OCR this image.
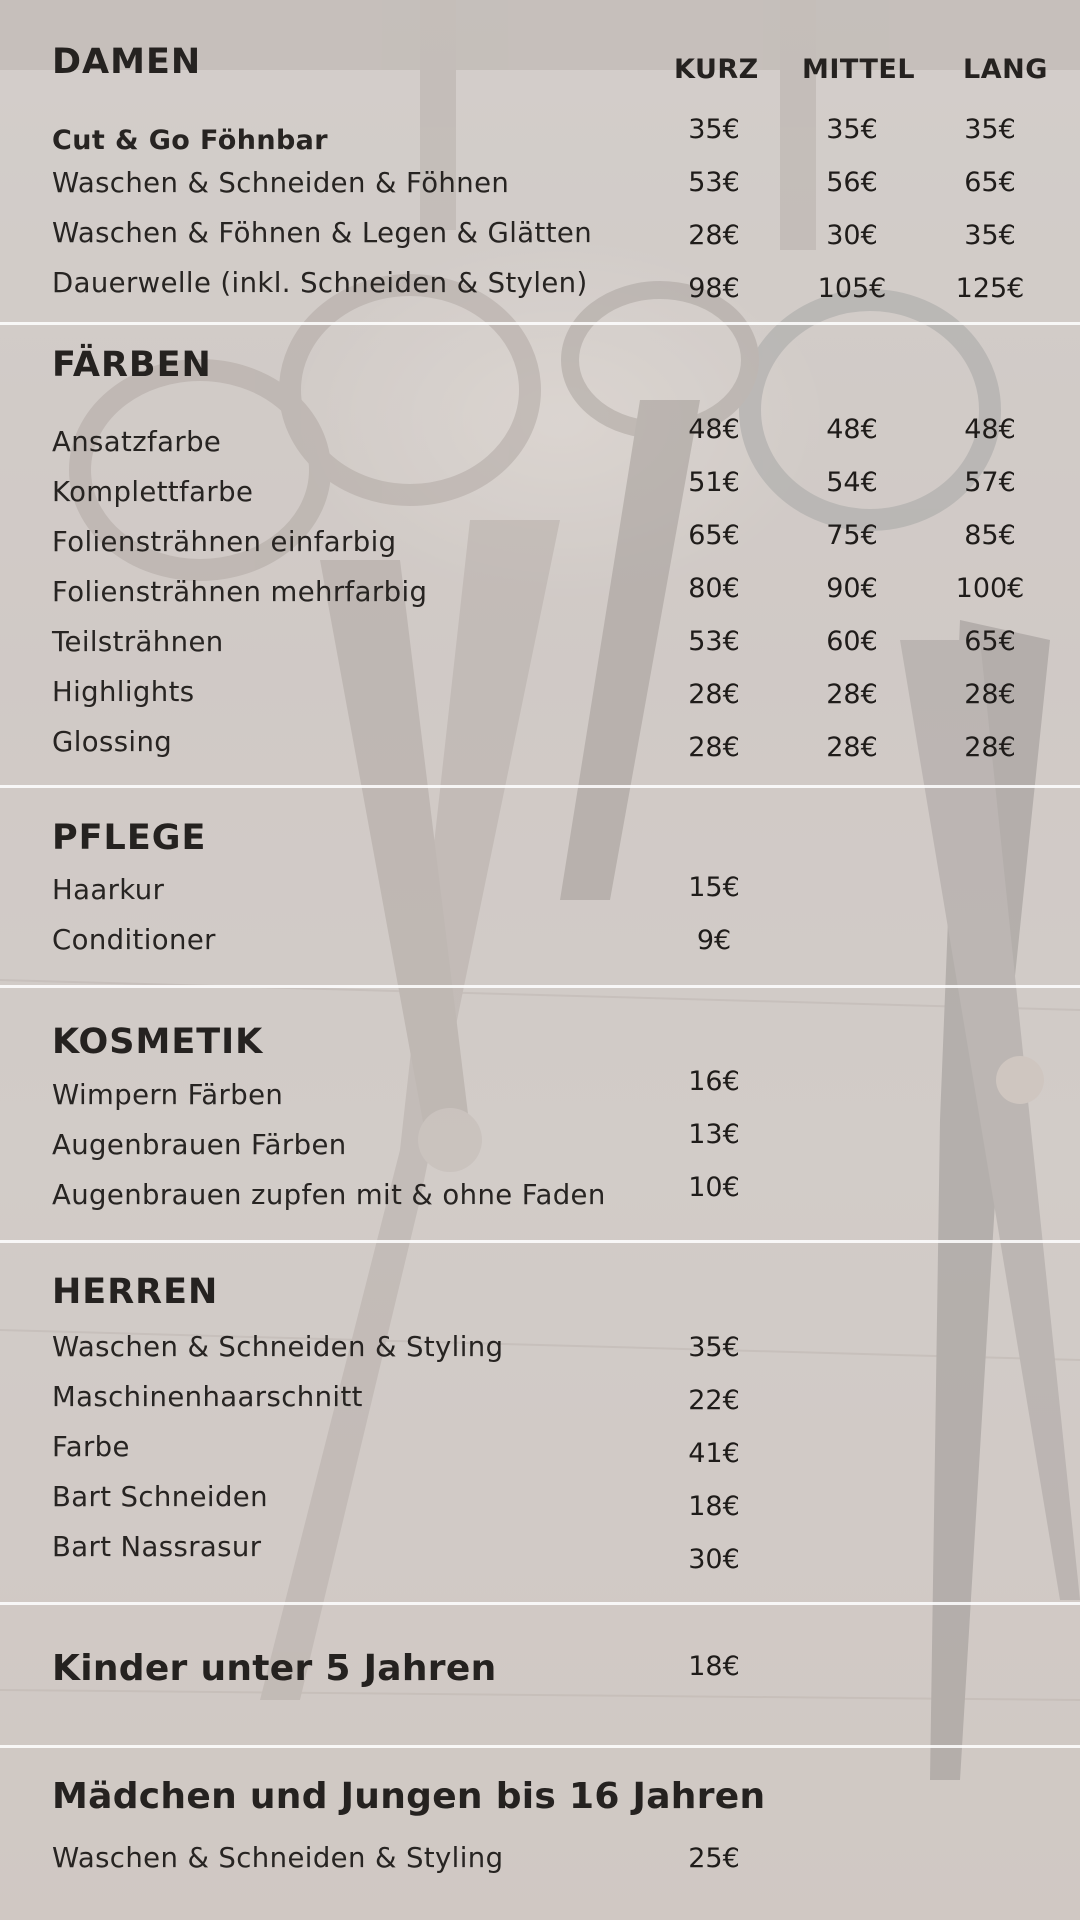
DAMEN	KURZ MITTEL LANG
Cut & Go Föhnbar	35€	35€	35€
Waschen & Schneiden & Föhnen	53€	56€	65€
Waschen & Föhnen & Legen & Glätten	28€	30€	35€
Dauerwelle (inkl. Schneiden & Stylen)	98€	105€	125€
FÄRBEN
Ansatzfarbe	48€	48€	48€
Komplettfarbe	51€	54€	57€
Foliensträhnen einfarbig	65€	75€	85€
Foliensträhnen mehrfarbig	80€	90€	100€
Teilsträhnen	53€	60€	65€
Highlights	28€	28€	28€
Glossing	28€	28€	28€
PFLEGE
Haarkur	15€
Conditioner	9€
KOSMETIK
Wimpern Färben	16€
Augenbrauen Färben	13€
Augenbrauen zupfen mit & ohne Faden	10€
HERREN
Waschen & Schneiden & Styling	35€
Maschinenhaarschnitt	22€
Farbe	41€
Bart Schneiden	18€
Bart Nassrasur	30€
Kinder unter 5 Jahren	18€
Mädchen und Jungen bis 16 Jahren
Waschen & Schneiden & Styling	25€
